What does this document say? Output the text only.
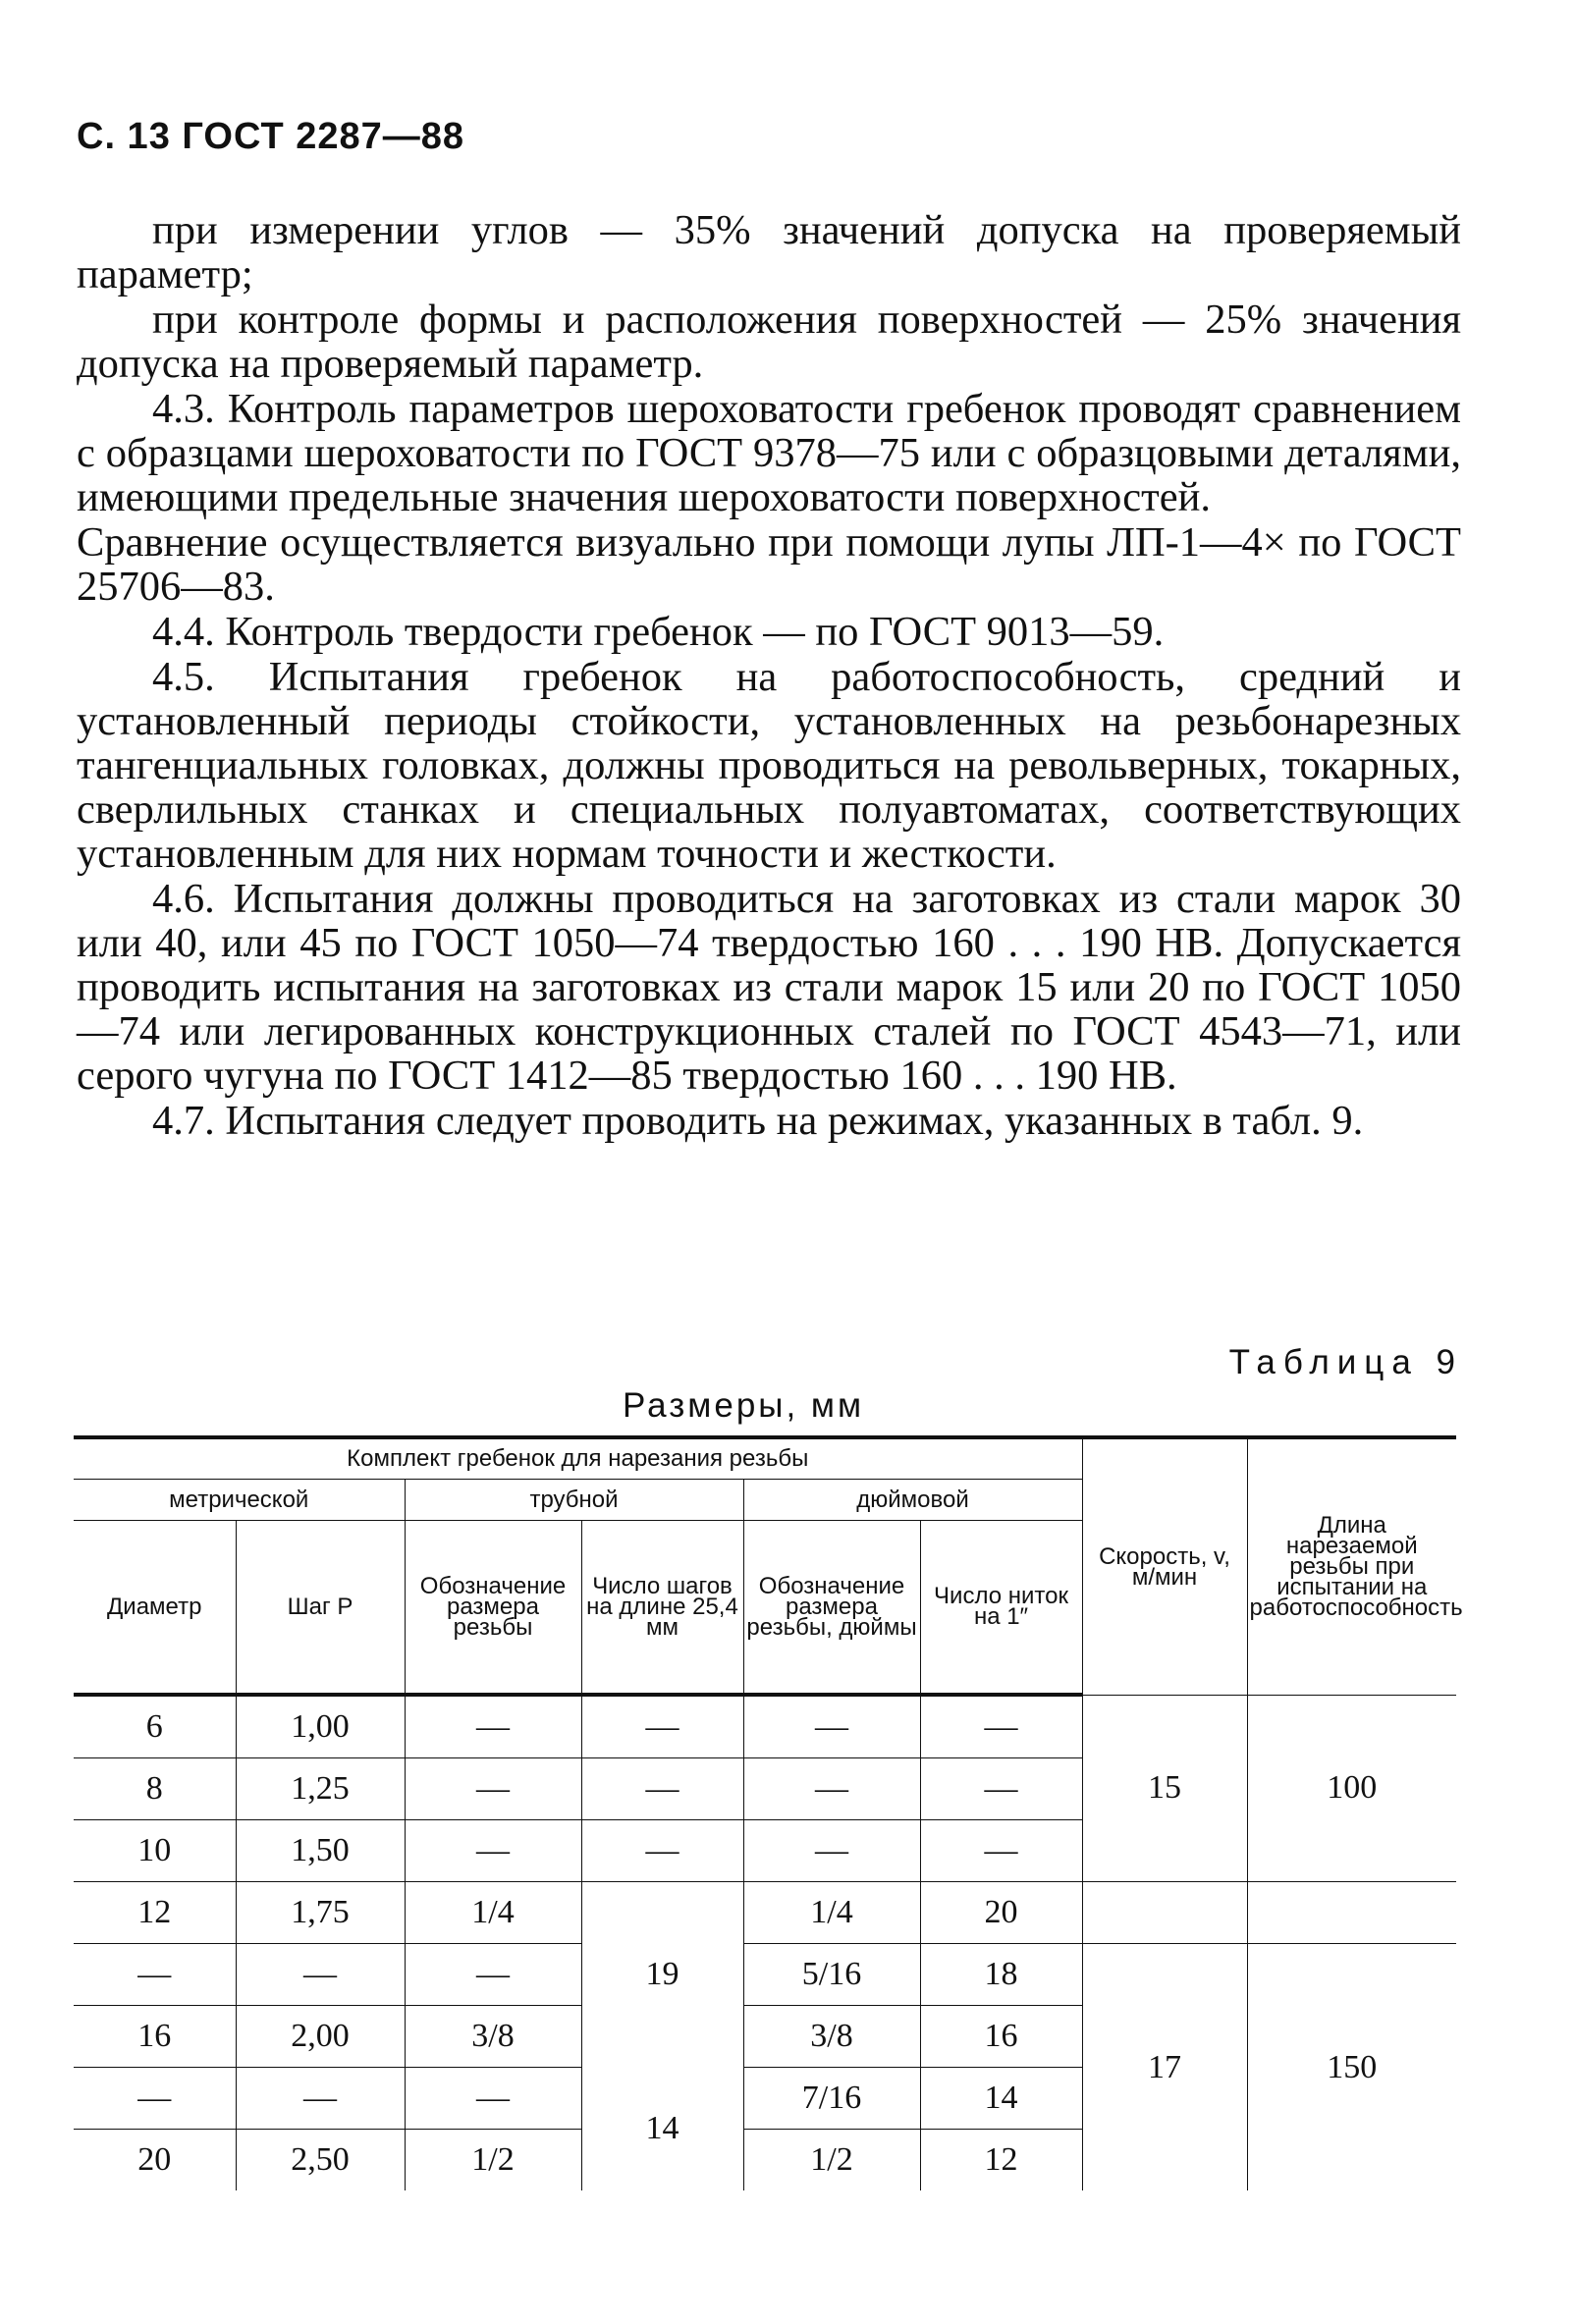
С. 13 ГОСТ 2287—88

при измерении углов — 35% значений допуска на проверяемый параметр;

при контроле формы и расположения поверхностей — 25% значения допуска на проверяемый параметр.

4.3. Контроль параметров шероховатости гребенок проводят сравнением с образцами шероховатости по ГОСТ 9378—75 или с образцовыми деталями, имеющими предельные значения шероховатости поверхностей.

Сравнение осуществляется визуально при помощи лупы ЛП-1—4× по ГОСТ 25706—83.

4.4. Контроль твердости гребенок — по ГОСТ 9013—59.

4.5. Испытания гребенок на работоспособность, средний и установленный периоды стойкости, установленных на резьбонарезных тангенциальных головках, должны проводиться на револьверных, токарных, сверлильных станках и специальных полуавтоматах, соответствующих установленным для них нормам точности и жесткости.

4.6. Испытания должны проводиться на заготовках из стали марок 30 или 40, или 45 по ГОСТ 1050—74 твердостью 160 . . . 190 НВ. Допускается проводить испытания на заготовках из стали марок 15 или 20 по ГОСТ 1050—74 или легированных конструкционных сталей по ГОСТ 4543—71, или серого чугуна по ГОСТ 1412—85 твердостью 160 . . . 190 НВ.

4.7. Испытания следует проводить на режимах, указанных в табл. 9.

Таблица 9
Размеры, мм
Комплект гребенок для нарезания резьбы						Скорость, v, м/мин	Длина нарезаемой резьбы при испытании на работоспособность
метрической		трубной		дюймовой			
Диаметр	Шаг P	Обозначение размера резьбы	Число шагов на длине 25,4 мм	Обозначение размера резьбы, дюймы	Число ниток на 1″		
6	1,00	—	—	—	—	15	100
8	1,25	—	—	—	—		
10	1,50	—	—	—	—		
12	1,75	1/4	19	1/4	20		
—	—	—		5/16	18	17	150
16	2,00	3/8		3/8	16		
—	—	—	14	7/16	14		
20	2,50	1/2		1/2	12		
